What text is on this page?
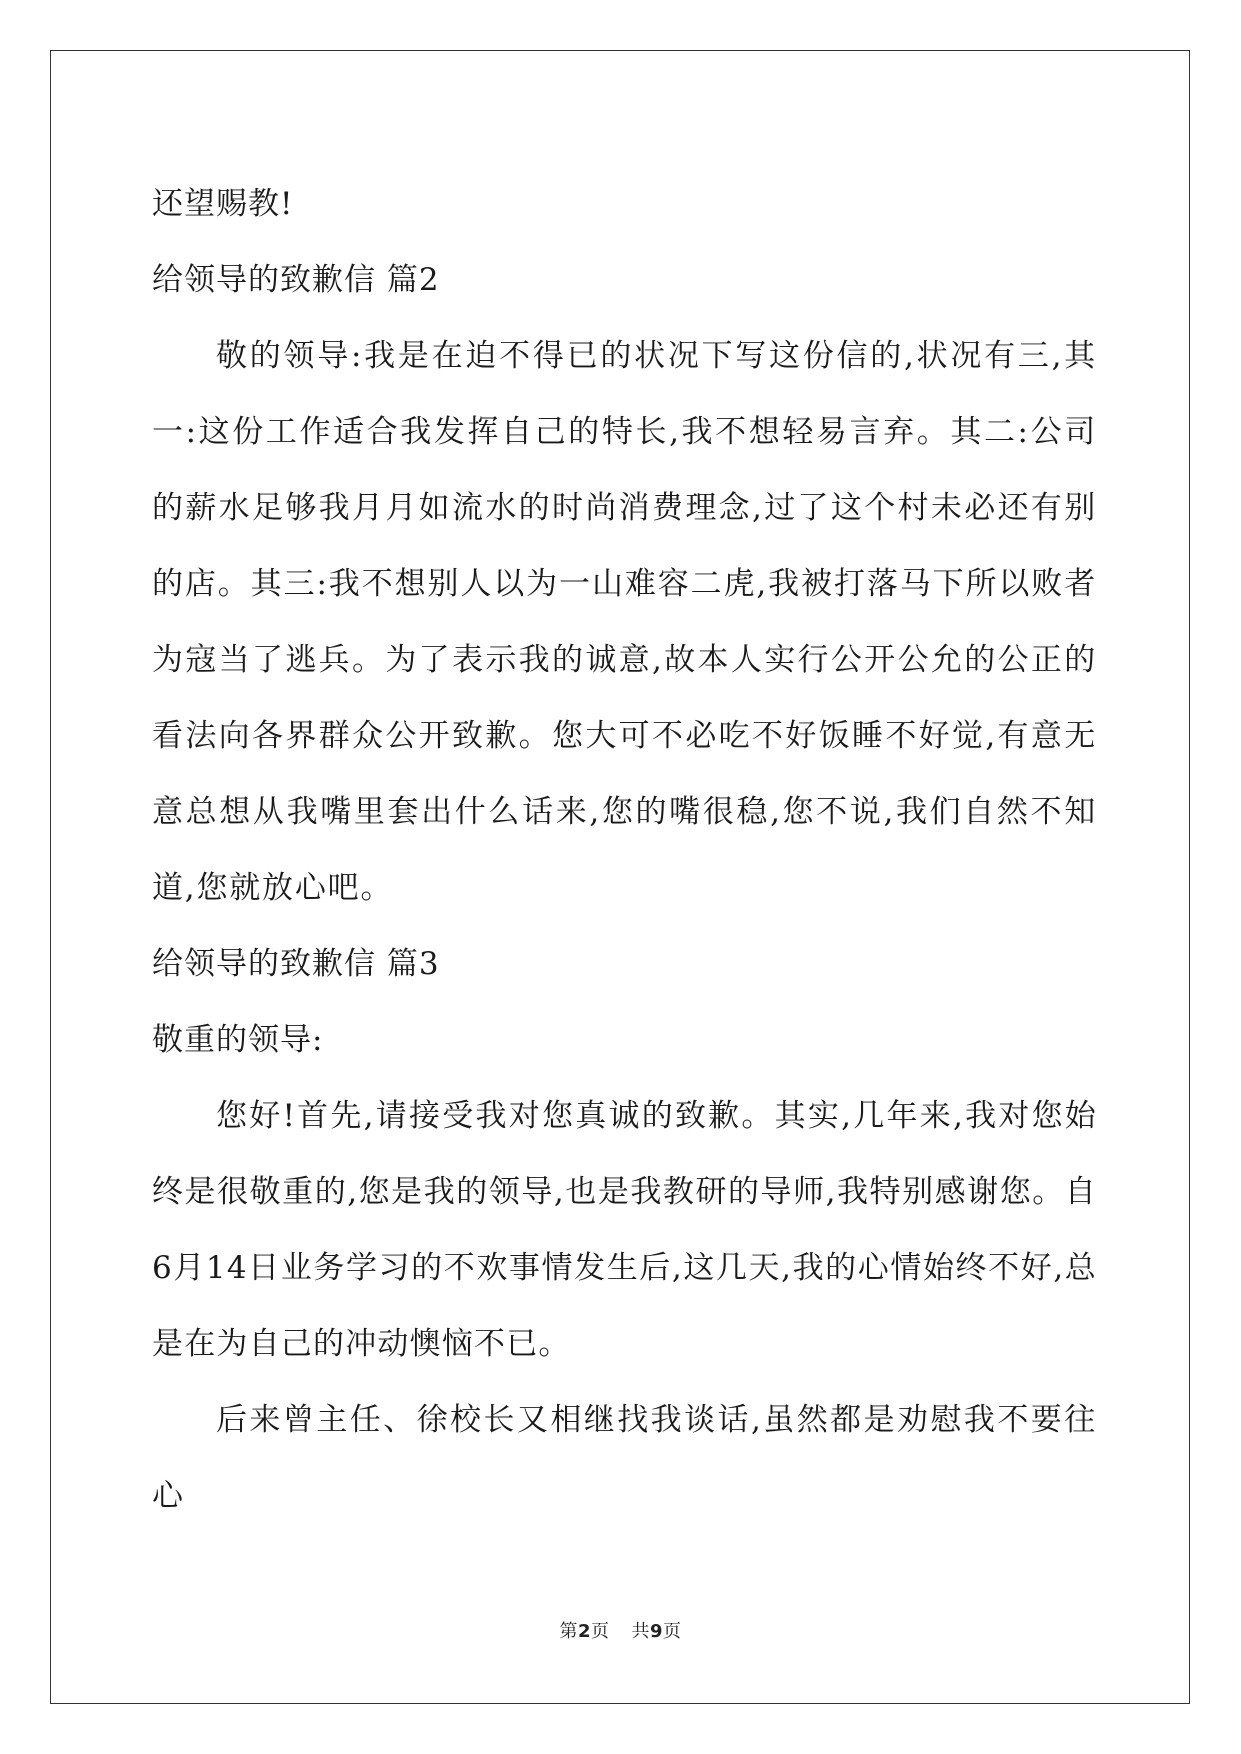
还望赐教!
给领导的致歉信 篇2

敬的领导:我是在迫不得已的状况下写这份信的,状况有三,其一:这份工作适合我发挥自己的特长,我不想轻易言弃。其二:公司的薪水足够我月月如流水的时尚消费理念,过了这个村未必还有别的店。其三:我不想别人以为一山难容二虎,我被打落马下所以败者为寇当了逃兵。为了表示我的诚意,故本人实行公开公允的公正的看法向各界群众公开致歉。您大可不必吃不好饭睡不好觉,有意无意总想从我嘴里套出什么话来,您的嘴很稳,您不说,我们自然不知道,您就放心吧。

给领导的致歉信 篇3
敬重的领导:

您好!首先,请接受我对您真诚的致歉。其实,几年来,我对您始终是很敬重的,您是我的领导,也是我教研的导师,我特别感谢您。自6月14日业务学习的不欢事情发生后,这几天,我的心情始终不好,总是在为自己的冲动懊恼不已。

后来曾主任、徐校长又相继找我谈话,虽然都是劝慰我不要往心

第2页 共9页
